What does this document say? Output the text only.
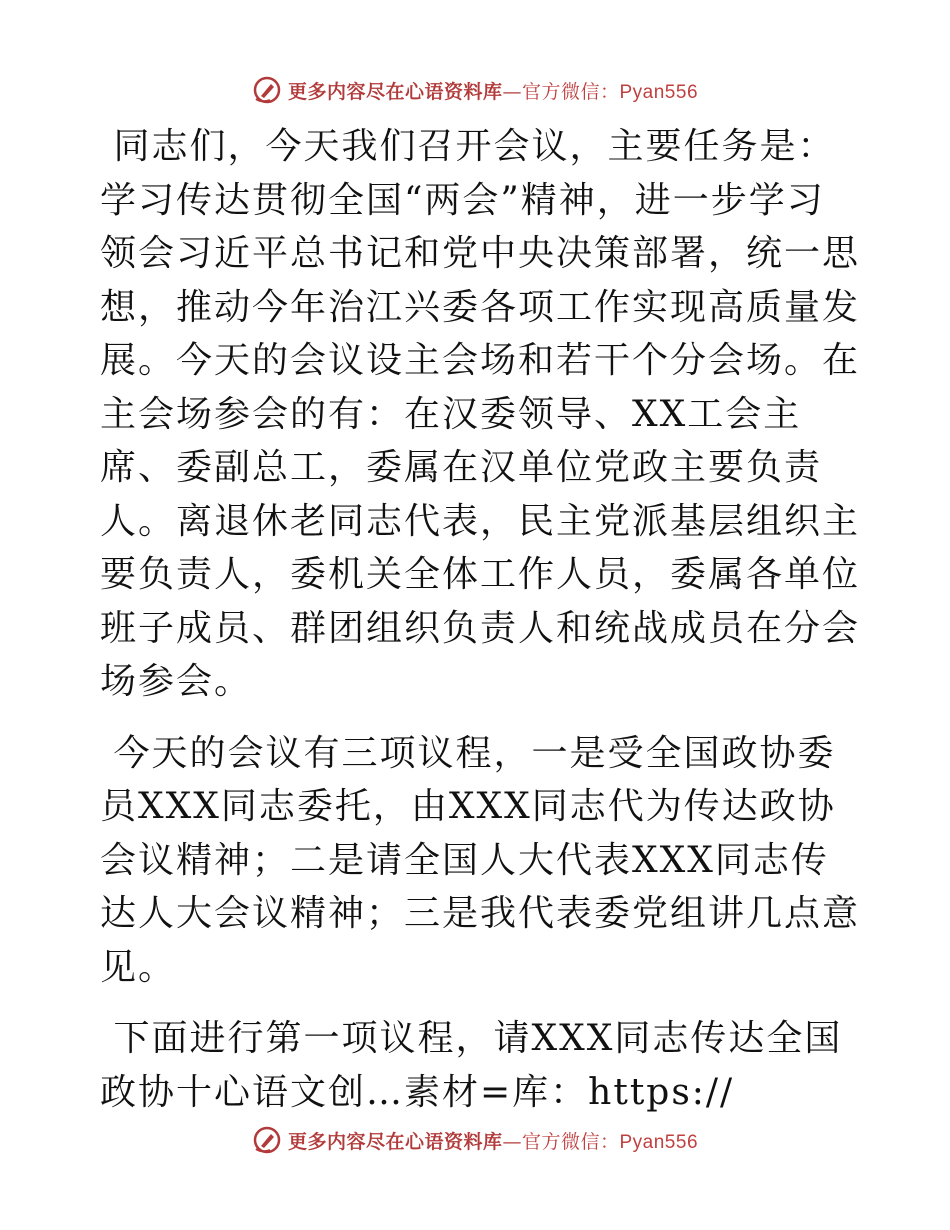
更多内容尽在心语资料库—官方微信：Pyan556

同志们，今天我们召开会议，主要任务是：学习传达贯彻全国“两会”精神，进一步学习领会习近平总书记和党中央决策部署，统一思想，推动今年治江兴委各项工作实现高质量发展。今天的会议设主会场和若干个分会场。在主会场参会的有：在汉委领导、XX工会主席、委副总工，委属在汉单位党政主要负责人。离退休老同志代表，民主党派基层组织主要负责人，委机关全体工作人员，委属各单位班子成员、群团组织负责人和统战成员在分会场参会。

今天的会议有三项议程，一是受全国政协委员XXX同志委托，由XXX同志代为传达政协会议精神；二是请全国人大代表XXX同志传达人大会议精神；三是我代表委党组讲几点意见。

下面进行第一项议程，请XXX同志传达全国政协十心语文创…素材=库：https://

更多内容尽在心语资料库—官方微信：Pyan556
